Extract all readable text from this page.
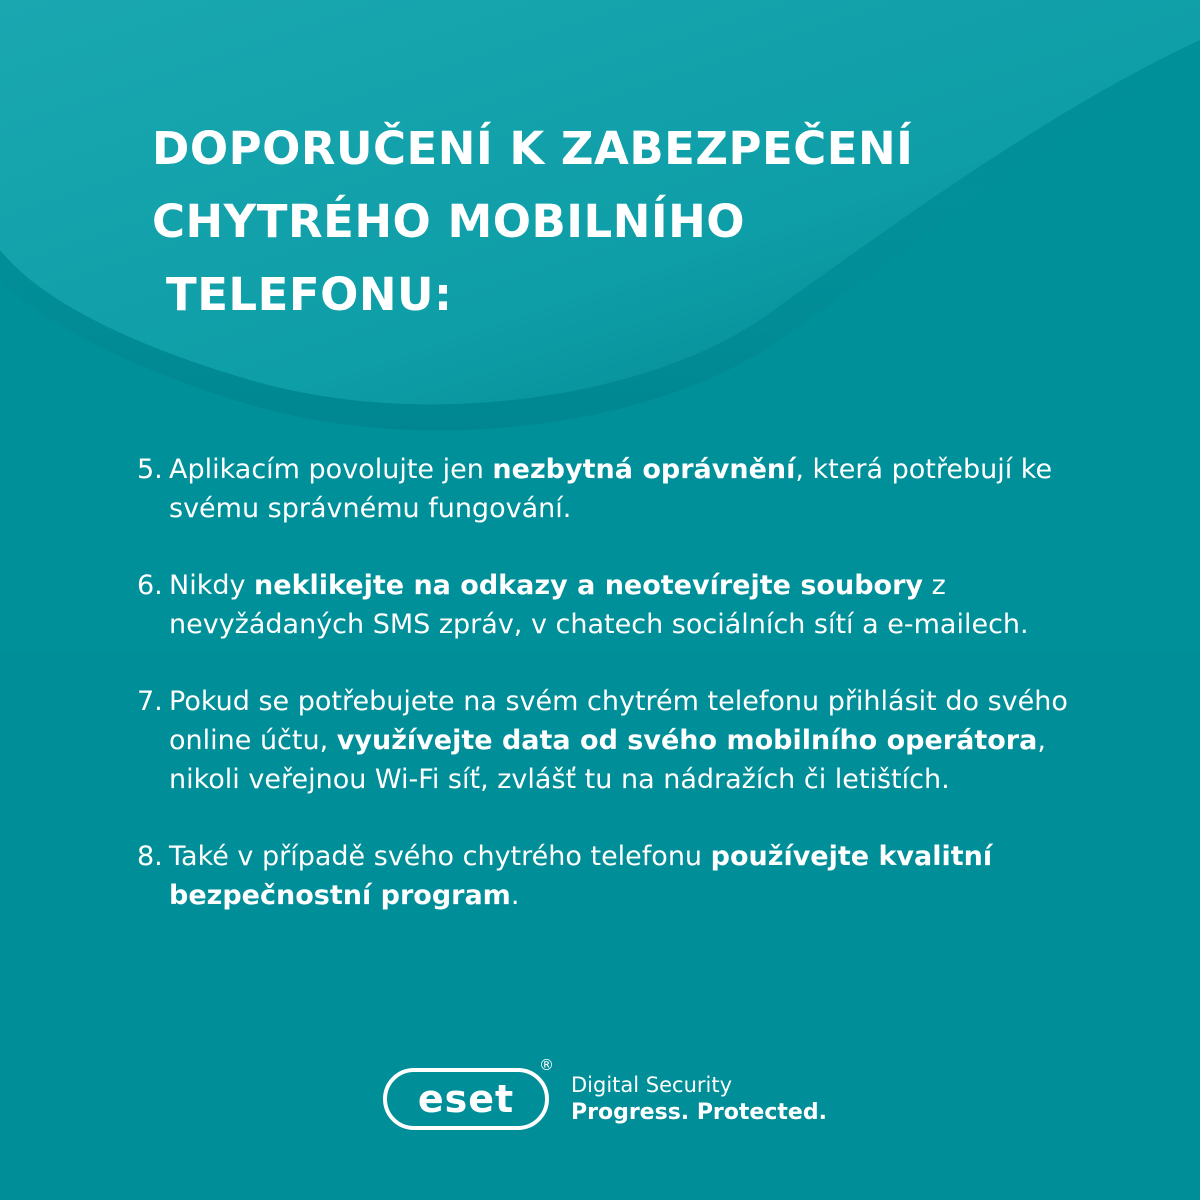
DOPORUČENÍ K ZABEZPEČENÍ
CHYTRÉHO MOBILNÍHO
TELEFONU:
5. Aplikacím povolujte jen nezbytná oprávnění, která potřebují ke svému správnému fungování.
6. Nikdy neklikejte na odkazy a neotevírejte soubory z nevyžádaných SMS zpráv, v chatech sociálních sítí a e-mailech.
7. Pokud se potřebujete na svém chytrém telefonu přihlásit do svého online účtu, využívejte data od svého mobilního operátora, nikoli veřejnou Wi-Fi síť, zvlášť tu na nádražích či letištích.
8. Také v případě svého chytrého telefonu používejte kvalitní bezpečnostní program.
eset
®
Digital Security
Progress. Protected.
